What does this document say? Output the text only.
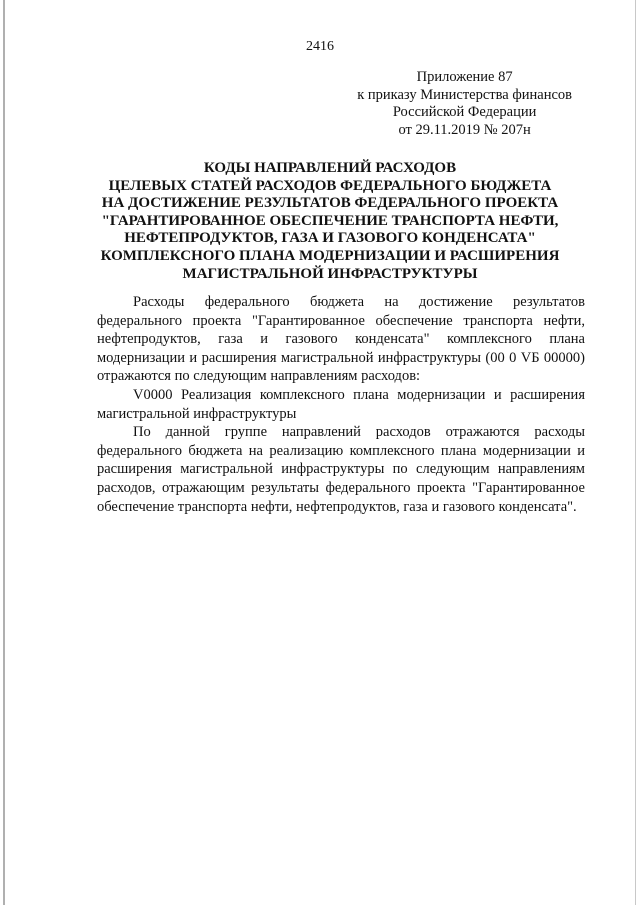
2416
Приложение 87
к приказу Министерства финансов
Российской Федерации
от 29.11.2019 № 207н
КОДЫ НАПРАВЛЕНИЙ РАСХОДОВ
ЦЕЛЕВЫХ СТАТЕЙ РАСХОДОВ ФЕДЕРАЛЬНОГО БЮДЖЕТА
НА ДОСТИЖЕНИЕ РЕЗУЛЬТАТОВ ФЕДЕРАЛЬНОГО ПРОЕКТА
"ГАРАНТИРОВАННОЕ ОБЕСПЕЧЕНИЕ ТРАНСПОРТА НЕФТИ,
НЕФТЕПРОДУКТОВ, ГАЗА И ГАЗОВОГО КОНДЕНСАТА"
КОМПЛЕКСНОГО ПЛАНА МОДЕРНИЗАЦИИ И РАСШИРЕНИЯ
МАГИСТРАЛЬНОЙ ИНФРАСТРУКТУРЫ

Расходы федерального бюджета на достижение результатов федерального проекта "Гарантированное обеспечение транспорта нефти, нефтепродуктов, газа и газового конденсата" комплексного плана модернизации и расширения магистральной инфраструктуры (00 0 VБ 00000) отражаются по следующим направлениям расходов:

V0000 Реализация комплексного плана модернизации и расширения магистральной инфраструктуры

По данной группе направлений расходов отражаются расходы федерального бюджета на реализацию комплексного плана модернизации и расширения магистральной инфраструктуры по следующим направлениям расходов, отражающим результаты федерального проекта "Гарантированное обеспечение транспорта нефти, нефтепродуктов, газа и газового конденсата".
